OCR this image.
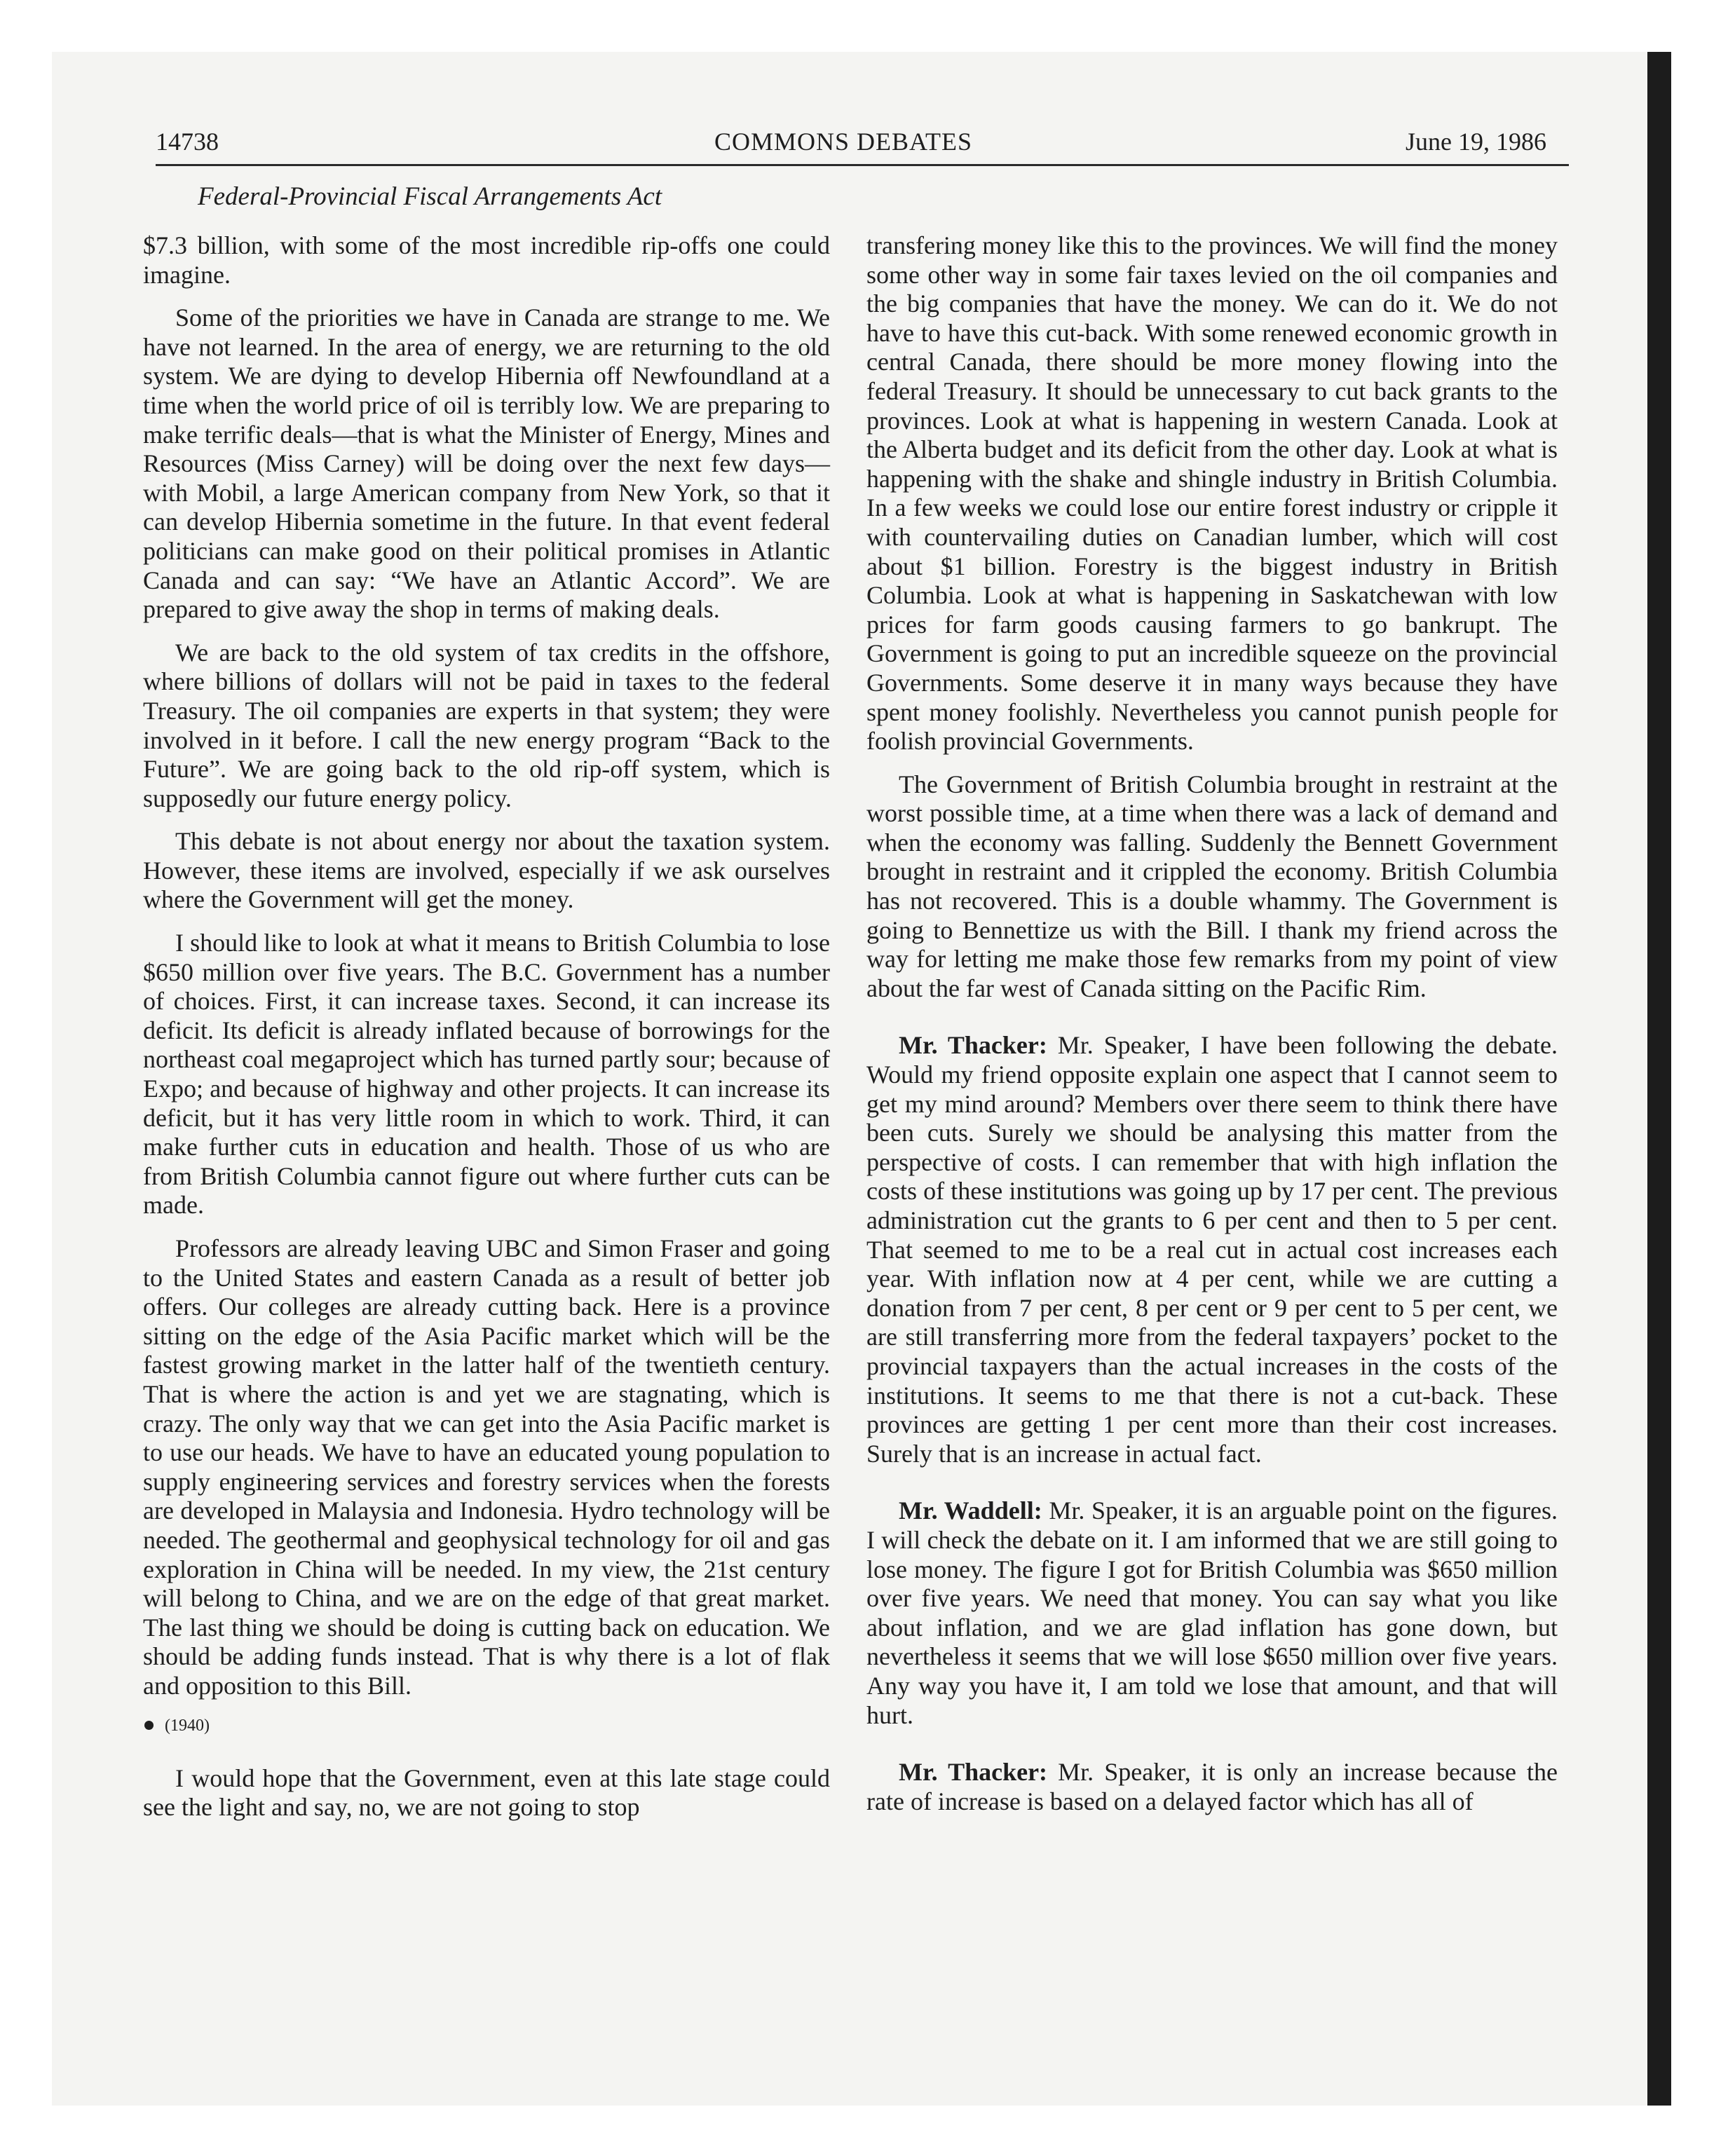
14738	COMMONS DEBATES	June 19, 1986
Federal-Provincial Fiscal Arrangements Act

$7.3 billion, with some of the most incredible rip-offs one could imagine.

Some of the priorities we have in Canada are strange to me. We have not learned. In the area of energy, we are returning to the old system. We are dying to develop Hibernia off Newfoundland at a time when the world price of oil is terribly low. We are preparing to make terrific deals—that is what the Minister of Energy, Mines and Resources (Miss Carney) will be doing over the next few days—with Mobil, a large American company from New York, so that it can develop Hibernia sometime in the future. In that event federal politicians can make good on their political promises in Atlantic Canada and can say: “We have an Atlantic Accord”. We are prepared to give away the shop in terms of making deals.

We are back to the old system of tax credits in the offshore, where billions of dollars will not be paid in taxes to the federal Treasury. The oil companies are experts in that system; they were involved in it before. I call the new energy program “Back to the Future”. We are going back to the old rip-off system, which is supposedly our future energy policy.

This debate is not about energy nor about the taxation system. However, these items are involved, especially if we ask ourselves where the Government will get the money.

I should like to look at what it means to British Columbia to lose $650 million over five years. The B.C. Government has a number of choices. First, it can increase taxes. Second, it can increase its deficit. Its deficit is already inflated because of borrowings for the northeast coal megaproject which has turned partly sour; because of Expo; and because of highway and other projects. It can increase its deficit, but it has very little room in which to work. Third, it can make further cuts in education and health. Those of us who are from British Columbia cannot figure out where further cuts can be made.

Professors are already leaving UBC and Simon Fraser and going to the United States and eastern Canada as a result of better job offers. Our colleges are already cutting back. Here is a province sitting on the edge of the Asia Pacific market which will be the fastest growing market in the latter half of the twentieth century. That is where the action is and yet we are stagnating, which is crazy. The only way that we can get into the Asia Pacific market is to use our heads. We have to have an educated young population to supply engineering services and forestry services when the forests are developed in Malaysia and Indonesia. Hydro technology will be needed. The geothermal and geophysical technology for oil and gas exploration in China will be needed. In my view, the 21st century will belong to China, and we are on the edge of that great market. The last thing we should be doing is cutting back on education. We should be adding funds instead. That is why there is a lot of flak and opposition to this Bill.

(1940)

I would hope that the Government, even at this late stage could see the light and say, no, we are not going to stop

transfering money like this to the provinces. We will find the money some other way in some fair taxes levied on the oil companies and the big companies that have the money. We can do it. We do not have to have this cut-back. With some renewed economic growth in central Canada, there should be more money flowing into the federal Treasury. It should be unnecessary to cut back grants to the provinces. Look at what is happening in western Canada. Look at the Alberta budget and its deficit from the other day. Look at what is happening with the shake and shingle industry in British Columbia. In a few weeks we could lose our entire forest industry or cripple it with countervailing duties on Canadian lumber, which will cost about $1 billion. Forestry is the biggest industry in British Columbia. Look at what is happening in Saskatchewan with low prices for farm goods causing farmers to go bankrupt. The Government is going to put an incredible squeeze on the provincial Governments. Some deserve it in many ways because they have spent money foolishly. Nevertheless you cannot punish people for foolish provincial Governments.

The Government of British Columbia brought in restraint at the worst possible time, at a time when there was a lack of demand and when the economy was falling. Suddenly the Bennett Government brought in restraint and it crippled the economy. British Columbia has not recovered. This is a double whammy. The Government is going to Bennettize us with the Bill. I thank my friend across the way for letting me make those few remarks from my point of view about the far west of Canada sitting on the Pacific Rim.

Mr. Thacker: Mr. Speaker, I have been following the debate. Would my friend opposite explain one aspect that I cannot seem to get my mind around? Members over there seem to think there have been cuts. Surely we should be analysing this matter from the perspective of costs. I can remember that with high inflation the costs of these institutions was going up by 17 per cent. The previous administration cut the grants to 6 per cent and then to 5 per cent. That seemed to me to be a real cut in actual cost increases each year. With inflation now at 4 per cent, while we are cutting a donation from 7 per cent, 8 per cent or 9 per cent to 5 per cent, we are still transferring more from the federal taxpayers’ pocket to the provincial taxpayers than the actual increases in the costs of the institutions. It seems to me that there is not a cut-back. These provinces are getting 1 per cent more than their cost increases. Surely that is an increase in actual fact.

Mr. Waddell: Mr. Speaker, it is an arguable point on the figures. I will check the debate on it. I am informed that we are still going to lose money. The figure I got for British Columbia was $650 million over five years. We need that money. You can say what you like about inflation, and we are glad inflation has gone down, but nevertheless it seems that we will lose $650 million over five years. Any way you have it, I am told we lose that amount, and that will hurt.

Mr. Thacker: Mr. Speaker, it is only an increase because the rate of increase is based on a delayed factor which has all of
